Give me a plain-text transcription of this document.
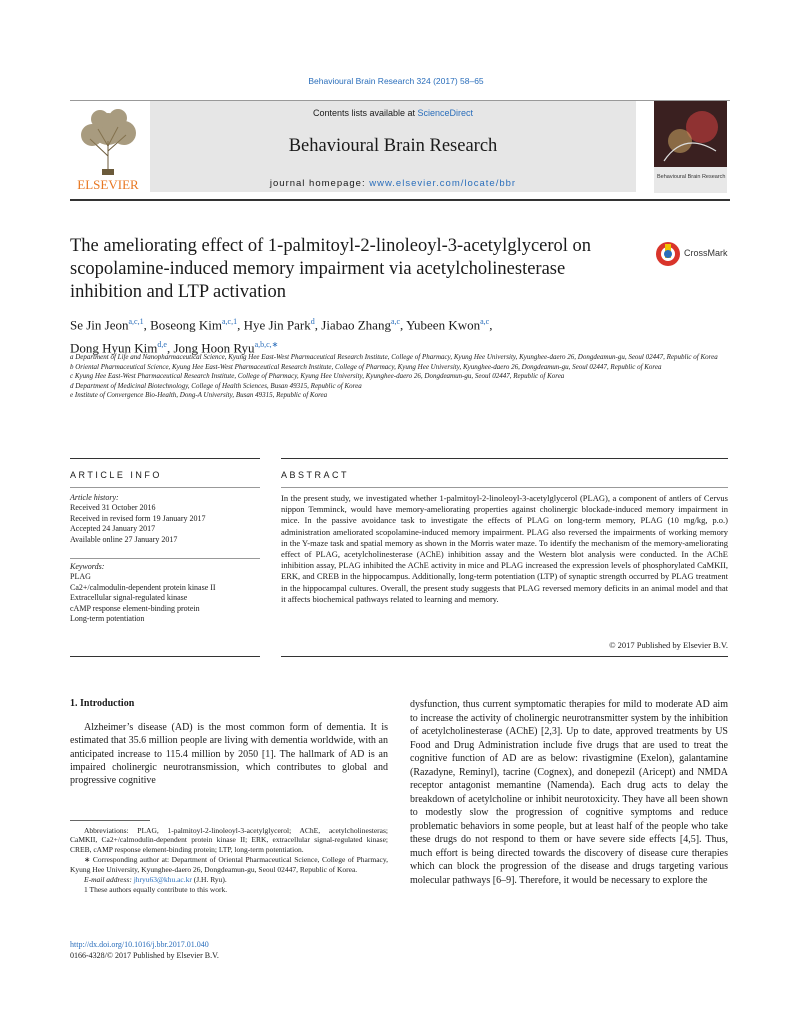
Behavioural Brain Research 324 (2017) 58–65
ELSEVIER
Contents lists available at ScienceDirect
Behavioural Brain Research
journal homepage: www.elsevier.com/locate/bbr
Behavioural Brain Research
The ameliorating effect of 1-palmitoyl-2-linoleoyl-3-acetylglycerol on scopolamine-induced memory impairment via acetylcholinesterase inhibition and LTP activation
CrossMark
Se Jin Jeon$^{a,c,1}$, Boseong Kim$^{a,c,1}$, Hye Jin Park$^d$, Jiabao Zhang$^{a,c}$, Yubeen Kwon$^{a,c}$,
Dong Hyun Kim$^{d,e}$, Jong Hoon Ryu$^{a,b,c,∗}$

a Department of Life and Nanopharmaceutical Science, Kyung Hee East-West Pharmaceutical Research Institute, College of Pharmacy, Kyung Hee University, Kyunghee-daero 26, Dongdeamun-gu, Seoul 02447, Republic of Korea

b Oriental Pharmaceutical Science, Kyung Hee East-West Pharmaceutical Research Institute, College of Pharmacy, Kyung Hee University, Kyunghee-daero 26, Dongdeamun-gu, Seoul 02447, Republic of Korea

c Kyung Hee East-West Pharmaceutical Research Institute, College of Pharmacy, Kyung Hee University, Kyunghee-daero 26, Dongdeamun-gu, Seoul 02447, Republic of Korea

d Department of Medicinal Biotechnology, College of Health Sciences, Busan 49315, Republic of Korea

e Institute of Convergence Bio-Health, Dong-A University, Busan 49315, Republic of Korea

ARTICLE INFO	ABSTRACT
Article history:
Received 31 October 2016
Received in revised form 19 January 2017
Accepted 24 January 2017
Available online 27 January 2017
Keywords:
PLAG
Ca2+/calmodulin-dependent protein kinase II
Extracellular signal-regulated kinase
cAMP response element-binding protein
Long-term potentiation
In the present study, we investigated whether 1-palmitoyl-2-linoleoyl-3-acetylglycerol (PLAG), a component of antlers of Cervus nippon Temminck, would have memory-ameliorating properties against cholinergic blockade-induced memory impairment in mice. In the passive avoidance task to investigate the effects of PLAG on long-term memory, PLAG (10 mg/kg, p.o.) administration ameliorated scopolamine-induced memory impairment. PLAG also reversed the impairments of working memory in the Y-maze task and spatial memory as shown in the Morris water maze. To identify the mechanism of the memory-ameliorating effect of PLAG, acetylcholinesterase (AChE) inhibition assay and the Western blot analysis were conducted. In the AChE inhibition assay, PLAG inhibited the AChE activity in mice and PLAG increased the expression levels of phosphorylated CaMKII, ERK, and CREB in the hippocampus. Additionally, long-term potentiation (LTP) of synaptic strength occurred by PLAG treatment in the hippocampal cultures. Overall, the present study suggests that PLAG reversed memory deficits in an animal model and that it affects biochemical pathways related to learning and memory.
© 2017 Published by Elsevier B.V.
1. Introduction

Alzheimer’s disease (AD) is the most common form of dementia. It is estimated that 35.6 million people are living with dementia worldwide, with an anticipated increase to 115.4 million by 2050 [1]. The hallmark of AD is an impaired cholinergic neurotransmission, which contributes to global and progressive cognitive

dysfunction, thus current symptomatic therapies for mild to moderate AD aim to increase the activity of cholinergic neurotransmitter system by the inhibition of acetylcholinesterase (AChE) [2,3]. Up to date, approved treatments by US Food and Drug Administration include five drugs that are used to treat the cognitive function of AD are as below: rivastigmine (Exelon), galantamine (Razadyne, Reminyl), tacrine (Cognex), and donepezil (Aricept) and NMDA receptor antagonist memantine (Namenda). Each drug acts to delay the breakdown of acetylcholine or inhibit neurotoxicity. They have all been shown to modestly slow the progression of cognitive symptoms and reduce problematic behaviors in some people, but at least half of the people who take these drugs do not respond to them or have severe side effects [4,5]. Thus, much effort is being directed towards the discovery of disease cure therapies which can block the progression of the disease and drugs targeting various molecular pathways [6–9]. Therefore, it would be necessary to explore the

Abbreviations: PLAG, 1-palmitoyl-2-linoleoyl-3-acetylglycerol; AChE, acetylcholinesteras; CaMKII, Ca2+/calmodulin-dependent protein kinase II; ERK, extracellular signal-regulated kinase; CREB, cAMP response element-binding protein; LTP, long-term potentiation.

∗ Corresponding author at: Department of Oriental Pharmaceutical Science, College of Pharmacy, Kyung Hee University, Kyunghee-daero 26, Dongdeamun-gu, Seoul 02447, Republic of Korea.

E-mail address: jhryu63@khu.ac.kr (J.H. Ryu).

1 These authors equally contribute to this work.

http://dx.doi.org/10.1016/j.bbr.2017.01.040
0166-4328/© 2017 Published by Elsevier B.V.
